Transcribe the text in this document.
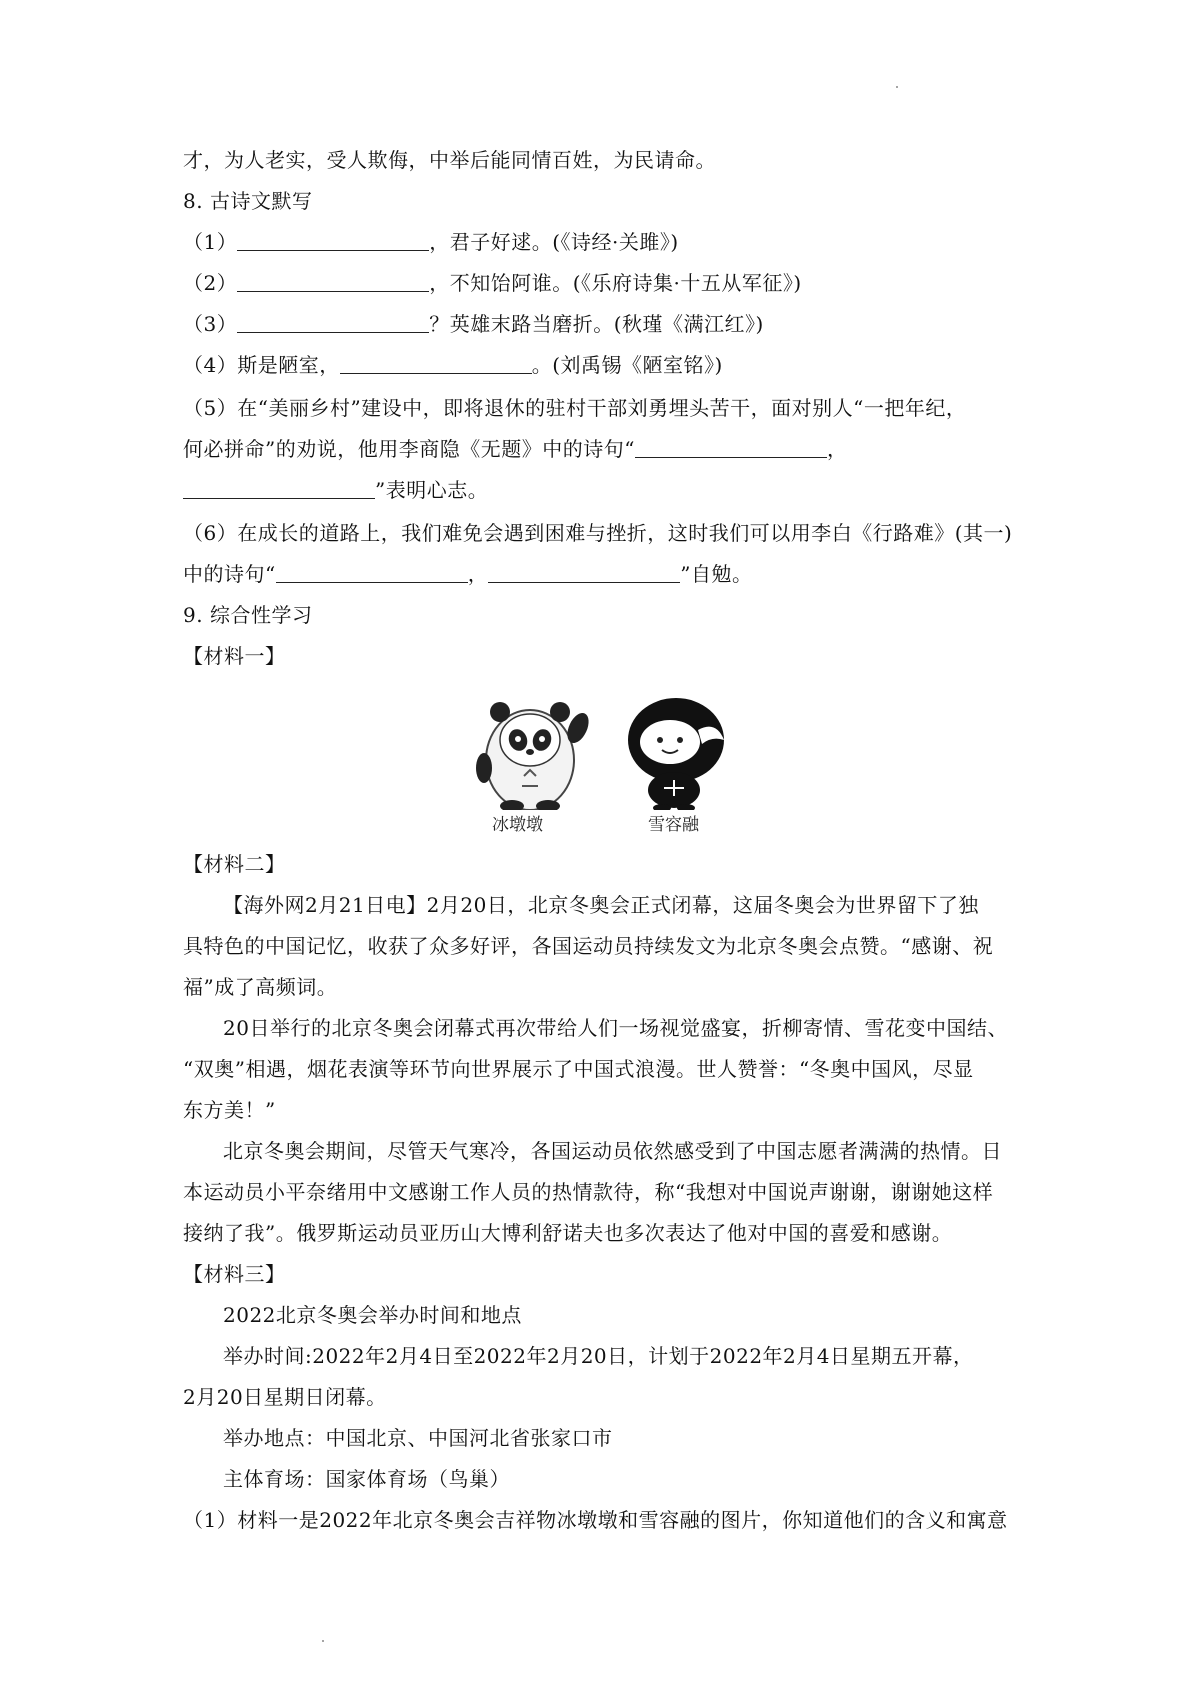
才，为人老实，受人欺侮，中举后能同情百姓，为民请命。
8. 古诗文默写
（1）	，君子好逑。(《诗经·关雎》)
（2）	，不知饴阿谁。(《乐府诗集·十五从军征》)
（3）	？英雄末路当磨折。(秋瑾《满江红》)
（4）斯是陋室，	。(刘禹锡《陋室铭》)
（5）在“美丽乡村”建设中，即将退休的驻村干部刘勇埋头苦干，面对别人“一把年纪，
何必拼命”的劝说，他用李商隐《无题》中的诗句“	，
”表明心志。
（6）在成长的道路上，我们难免会遇到困难与挫折，这时我们可以用李白《行路难》(其一)
中的诗句“	，	”自勉。
9. 综合性学习
【材料一】
冰墩墩	雪容融
【材料二】
【海外网2月21日电】2月20日，北京冬奥会正式闭幕，这届冬奥会为世界留下了独
具特色的中国记忆，收获了众多好评，各国运动员持续发文为北京冬奥会点赞。“感谢、祝
福”成了高频词。
20日举行的北京冬奥会闭幕式再次带给人们一场视觉盛宴，折柳寄情、雪花变中国结、
“双奥”相遇，烟花表演等环节向世界展示了中国式浪漫。世人赞誉：“冬奥中国风，尽显
东方美！”
北京冬奥会期间，尽管天气寒冷，各国运动员依然感受到了中国志愿者满满的热情。日
本运动员小平奈绪用中文感谢工作人员的热情款待，称“我想对中国说声谢谢，谢谢她这样
接纳了我”。俄罗斯运动员亚历山大博利舒诺夫也多次表达了他对中国的喜爱和感谢。
【材料三】
2022北京冬奥会举办时间和地点
举办时间:2022年2月4日至2022年2月20日，计划于2022年2月4日星期五开幕，
2月20日星期日闭幕。
举办地点：中国北京、中国河北省张家口市
主体育场：国家体育场（鸟巢）
（1）材料一是2022年北京冬奥会吉祥物冰墩墩和雪容融的图片，你知道他们的含义和寓意
